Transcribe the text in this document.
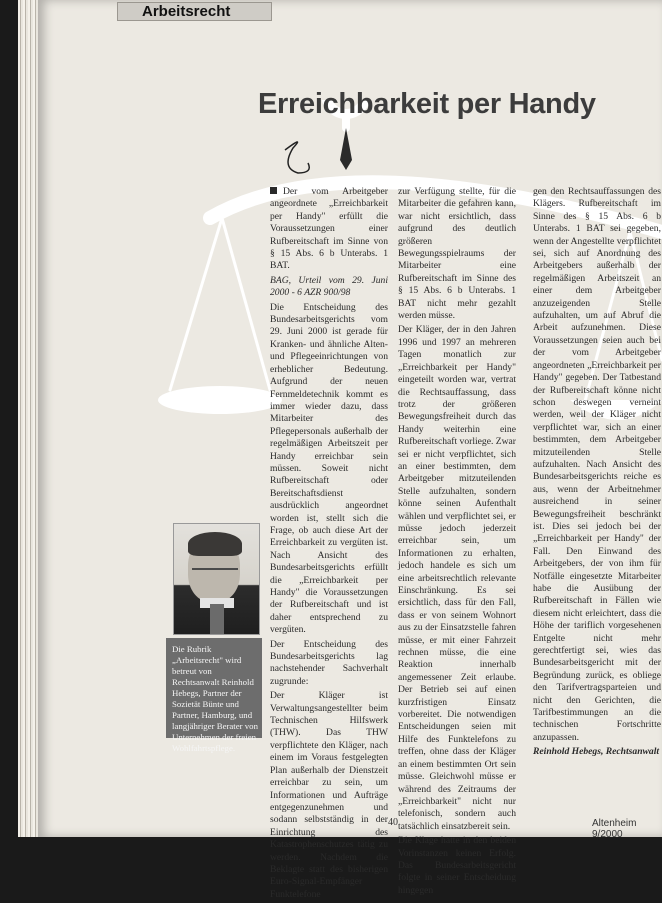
Arbeitsrecht
Erreichbarkeit per Handy

Der vom Arbeitgeber angeordnete „Erreichbarkeit per Handy" erfüllt die Voraussetzungen einer Rufbereitschaft im Sinne von § 15 Abs. 6 b Unterabs. 1 BAT.

BAG, Urteil vom 29. Juni 2000 - 6 AZR 900/98

Die Entscheidung des Bundesarbeitsgerichts vom 29. Juni 2000 ist gerade für Kranken- und ähnliche Alten- und Pflegeeinrichtungen von erheblicher Bedeutung. Aufgrund der neuen Fernmeldetechnik kommt es immer wieder dazu, dass Mitarbeiter des Pflegepersonals außerhalb der regelmäßigen Arbeitszeit per Handy erreichbar sein müssen. Soweit nicht Rufbereitschaft oder Bereitschaftsdienst ausdrücklich angeordnet worden ist, stellt sich die Frage, ob auch diese Art der Erreichbarkeit zu vergüten ist. Nach Ansicht des Bundesarbeitsgerichts erfüllt die „Erreichbarkeit per Handy" die Voraussetzungen der Rufbereitschaft und ist daher entsprechend zu vergüten.

Der Entscheidung des Bundesarbeitsgerichts lag nachstehender Sachverhalt zugrunde:

Der Kläger ist Verwaltungsangestellter beim Technischen Hilfswerk (THW). Das THW verpflichtete den Kläger, nach einem im Voraus festgelegten Plan außerhalb der Dienstzeit erreichbar zu sein, um Informationen und Aufträge entgegenzunehmen und sodann selbstständig in der Einrichtung des Katastrophenschutzes tätig zu werden. Nachdem die Beklagte statt des bisherigen Euro-Signal-Empfänger Funktelefone

zur Verfügung stellte, für die Mitarbeiter die gefahren kann, war nicht ersichtlich, dass aufgrund des deutlich größeren Bewegungsspielraums der Mitarbeiter eine Rufbereitschaft im Sinne des § 15 Abs. 6 b Unterabs. 1 BAT nicht mehr gezahlt werden müsse.

Der Kläger, der in den Jahren 1996 und 1997 an mehreren Tagen monatlich zur „Erreichbarkeit per Handy" eingeteilt worden war, vertrat die Rechtsauffassung, dass trotz der größeren Bewegungsfreiheit durch das Handy weiterhin eine Rufbereitschaft vorliege. Zwar sei er nicht verpflichtet, sich an einer bestimmten, dem Arbeitgeber mitzuteilenden Stelle aufzuhalten, sondern könne seinen Aufenthalt wählen und verpflichtet sei, er müsse jedoch jederzeit erreichbar sein, um Informationen zu erhalten, jedoch handele es sich um eine arbeitsrechtlich relevante Einschränkung. Es sei ersichtlich, dass für den Fall, dass er von seinem Wohnort aus zu der Einsatzstelle fahren müsse, er mit einer Fahrzeit rechnen müsse, die eine Reaktion innerhalb angemessener Zeit erlaube. Der Betrieb sei auf einen kurzfristigen Einsatz vorbereitet. Die notwendigen Entscheidungen seien mit Hilfe des Funktelefons zu treffen, ohne dass der Kläger an einem bestimmten Ort sein müsse. Gleichwohl müsse er während des Zeitraums der „Erreichbarkeit" nicht nur telefonisch, sondern auch tatsächlich einsatzbereit sein.

Die Klage hatte in den beiden Vorinstanzen keinen Erfolg. Das Bundesarbeitsgericht folgte in seiner Entscheidung hingegen

gen den Rechtsauffassungen des Klägers. Rufbereitschaft im Sinne des § 15 Abs. 6 b Unterabs. 1 BAT sei gegeben, wenn der Angestellte verpflichtet sei, sich auf Anordnung des Arbeitgebers außerhalb der regelmäßigen Arbeitszeit an einer dem Arbeitgeber anzuzeigenden Stelle aufzuhalten, um auf Abruf die Arbeit aufzunehmen. Diese Voraussetzungen seien auch bei der vom Arbeitgeber angeordneten „Erreichbarkeit per Handy" gegeben. Der Tatbestand der Rufbereitschaft könne nicht schon deswegen verneint werden, weil der Kläger nicht verpflichtet war, sich an einer bestimmten, dem Arbeitgeber mitzuteilenden Stelle aufzuhalten. Nach Ansicht des Bundesarbeitsgerichts reiche es aus, wenn der Arbeitnehmer ausreichend in seiner Bewegungsfreiheit beschränkt ist. Dies sei jedoch bei der „Erreichbarkeit per Handy" der Fall. Den Einwand des Arbeitgebers, der von ihm für Notfälle eingesetzte Mitarbeiter habe die Ausübung der Rufbereitschaft in Fällen wie diesem nicht erleichtert, dass die Höhe der tariflich vorgesehenen Entgelte nicht mehr gerechtfertigt sei, wies das Bundesarbeitsgericht mit der Begründung zurück, es obliege den Tarifvertragsparteien und nicht den Gerichten, die Tarifbestimmungen an die technischen Fortschritte anzupassen.

Reinhold Hebegs, Rechtsanwalt

Die Rubrik „Arbeitsrecht" wird betreut von Rechtsanwalt Reinhold Hebegs, Partner der Sozietät Bünte und Partner, Hamburg, und langjähriger Berater von Unternehmen der freien Wohlfahrtspflege.
40	Altenheim 9/2000
